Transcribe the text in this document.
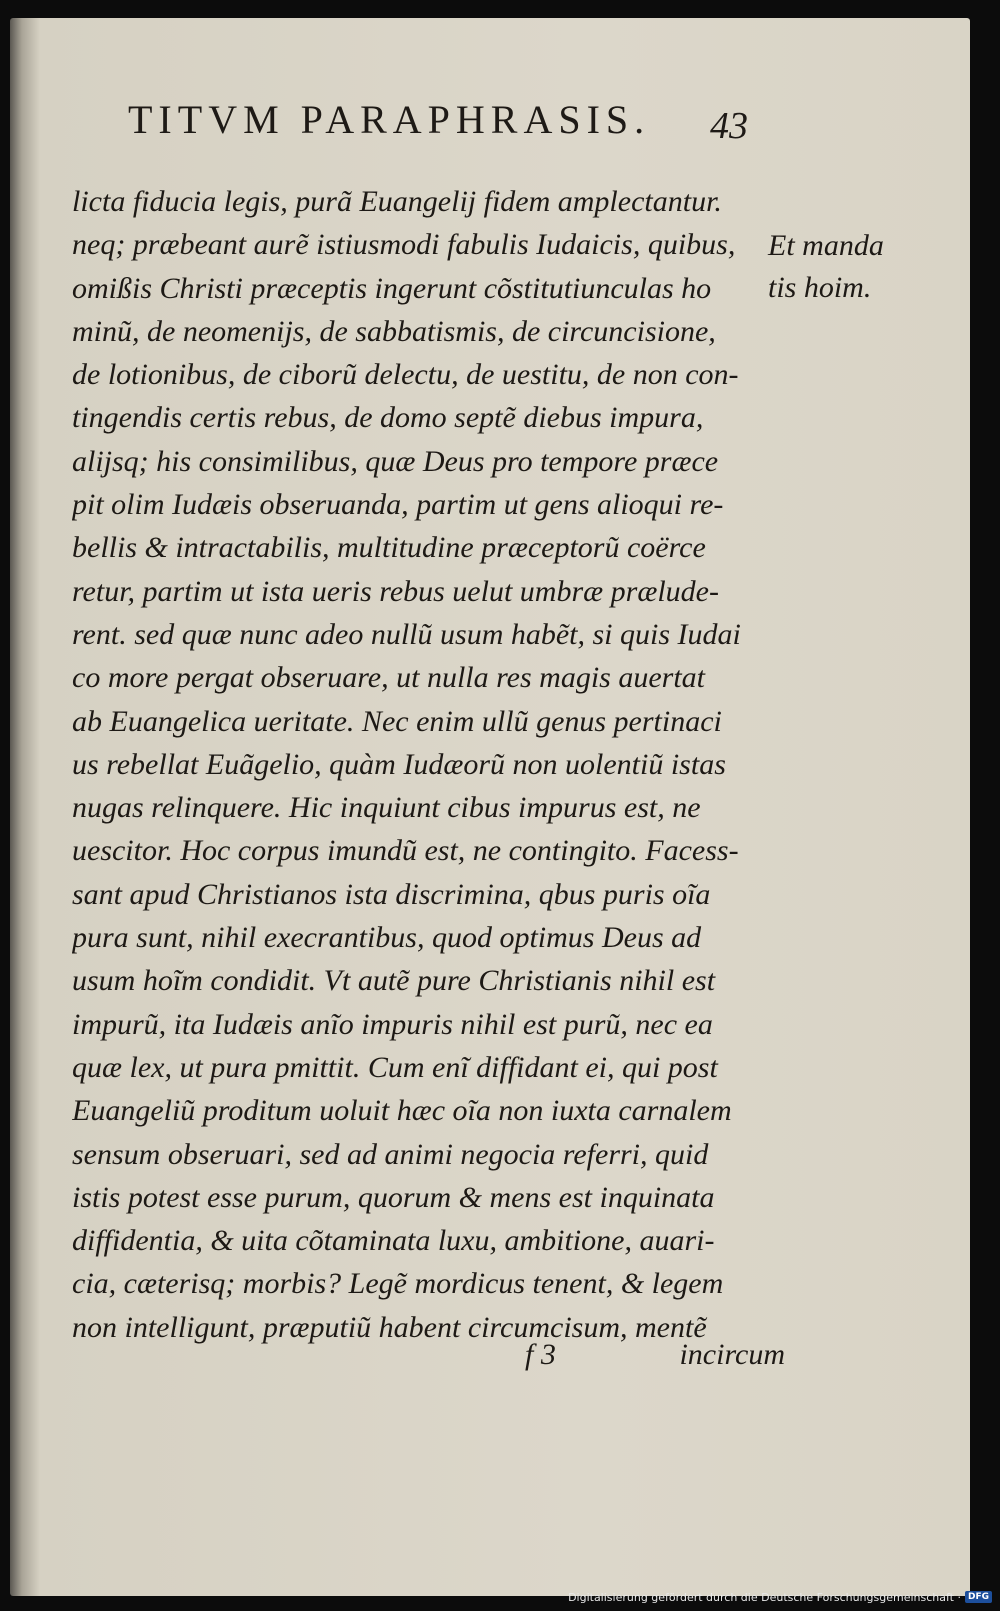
TITVM PARAPHRASIS.	43
licta fiducia legis, purã Euangelij fidem amplectantur.
neq; præbeant aurẽ istiusmodi fabulis Iudaicis, quibus,
omißis Christi præceptis ingerunt cõstitutiunculas ho
minũ, de neomenijs, de sabbatismis, de circuncisione,
de lotionibus, de ciborũ delectu, de uestitu, de non con-
tingendis certis rebus, de domo septẽ diebus impura,
alijsq; his consimilibus, quæ Deus pro tempore præce
pit olim Iudæis obseruanda, partim ut gens alioqui re-
bellis & intractabilis, multitudine præceptorũ coërce
retur, partim ut ista ueris rebus uelut umbræ prælude-
rent. sed quæ nunc adeo nullũ usum habẽt, si quis Iudai
co more pergat obseruare, ut nulla res magis auertat
ab Euangelica ueritate. Nec enim ullũ genus pertinaci
us rebellat Euãgelio, quàm Iudæorũ non uolentiũ istas
nugas relinquere. Hic inquiunt cibus impurus est, ne
uescitor. Hoc corpus imundũ est, ne contingito. Facess-
sant apud Christianos ista discrimina, qbus puris oĩa
pura sunt, nihil execrantibus, quod optimus Deus ad
usum hoĩm condidit. Vt autẽ pure Christianis nihil est
impurũ, ita Iudæis anĩo impuris nihil est purũ, nec ea
quæ lex, ut pura pmittit. Cum enĩ diffidant ei, qui post
Euangeliũ proditum uoluit hæc oĩa non iuxta carnalem
sensum obseruari, sed ad animi negocia referri, quid
istis potest esse purum, quorum & mens est inquinata
diffidentia, & uita cõtaminata luxu, ambitione, auari-
cia, cæterisq; morbis? Legẽ mordicus tenent, & legem
non intelligunt, præputiũ habent circumcisum, mentẽ
Et manda
tis hoim.
f 3	incircum
Digitalisierung gefördert durch die Deutsche Forschungsgemeinschaft · DFG
